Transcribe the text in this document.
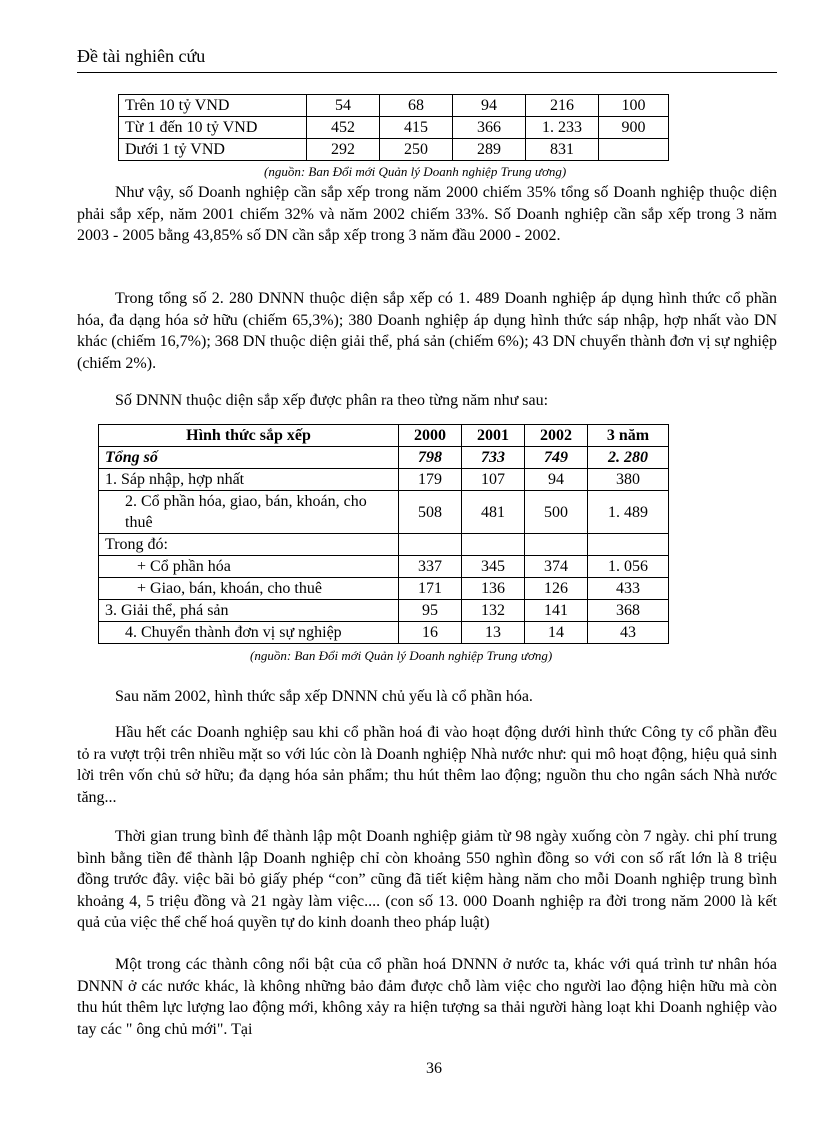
Đề tài nghiên cứu
Trên 10 tỷ VND	54	68	94	216	100
Từ 1 đến 10 tỷ VND	452	415	366	1. 233	900
Dưới 1 tỷ VND	292	250	289	831	
(nguồn: Ban Đổi mới Quản lý Doanh nghiệp Trung ương)
Như vậy, số Doanh nghiệp cần sắp xếp trong năm 2000 chiếm 35% tổng số Doanh nghiệp thuộc diện phải sắp xếp, năm 2001 chiếm 32% và năm 2002 chiếm 33%. Số Doanh nghiệp cần sắp xếp trong 3 năm 2003 - 2005 bằng 43,85% số DN cần sắp xếp trong 3 năm đầu 2000 - 2002.
Trong tổng số 2. 280 DNNN thuộc diện sắp xếp có 1. 489 Doanh nghiệp áp dụng hình thức cổ phần hóa, đa dạng hóa sở hữu (chiếm 65,3%); 380 Doanh nghiệp áp dụng hình thức sáp nhập, hợp nhất vào DN khác (chiếm 16,7%); 368 DN thuộc diện giải thể, phá sản (chiếm 6%); 43 DN chuyển thành đơn vị sự nghiệp (chiếm 2%).
Số DNNN thuộc diện sắp xếp được phân ra theo từng năm như sau:
Hình thức sắp xếp	2000	2001	2002	3 năm
Tổng số	798	733	749	2. 280
1. Sáp nhập, hợp nhất	179	107	94	380
2. Cổ phần hóa, giao, bán, khoán, cho thuê	508	481	500	1. 489
Trong đó:				
+ Cổ phần hóa	337	345	374	1. 056
+ Giao, bán, khoán, cho thuê	171	136	126	433
3. Giải thể, phá sản	95	132	141	368
4. Chuyển thành đơn vị sự nghiệp	16	13	14	43
(nguồn: Ban Đổi mới Quản lý Doanh nghiệp Trung ương)
Sau năm 2002, hình thức sắp xếp DNNN chủ yếu là cổ phần hóa.
Hầu hết các Doanh nghiệp sau khi cổ phần hoá đi vào hoạt động dưới hình thức Công ty cổ phần đều tỏ ra vượt trội trên nhiều mặt so với lúc còn là Doanh nghiệp Nhà nước như: qui mô hoạt động, hiệu quả sinh lời trên vốn chủ sở hữu; đa dạng hóa sản phẩm; thu hút thêm lao động; nguồn thu cho ngân sách Nhà nước tăng...
Thời gian trung bình để thành lập một Doanh nghiệp giảm từ 98 ngày xuống còn 7 ngày. chi phí trung bình bằng tiền để thành lập Doanh nghiệp chỉ còn khoảng 550 nghìn đồng so với con số rất lớn là 8 triệu đồng trước đây. việc bãi bỏ giấy phép “con” cũng đã tiết kiệm hàng năm cho mỗi Doanh nghiệp trung bình khoảng 4, 5 triệu đồng và 21 ngày làm việc.... (con số 13. 000 Doanh nghiệp ra đời trong năm 2000 là kết quả của việc thể chế hoá quyền tự do kinh doanh theo pháp luật)
Một trong các thành công nổi bật của cổ phần hoá DNNN ở nước ta, khác với quá trình tư nhân hóa DNNN ở các nước khác, là không những bảo đảm được chỗ làm việc cho người lao động hiện hữu mà còn thu hút thêm lực lượng lao động mới, không xảy ra hiện tượng sa thải người hàng loạt khi Doanh nghiệp vào tay các " ông chủ mới". Tại
36
